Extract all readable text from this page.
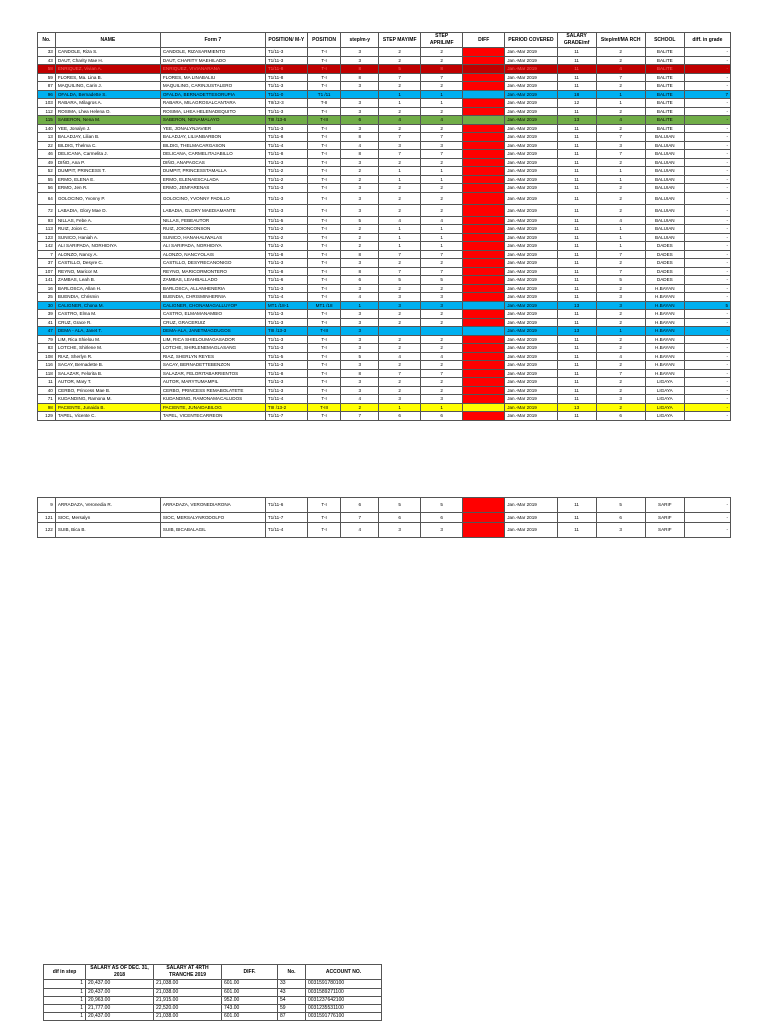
No.	NAME	Form 7	POSITION/ M-Y	POSITION	step/m-y	STEP MAY/MF	STEP APRIL/MF	DIFF	PERIOD COVERED	SALARY GRADE/mf	Step/mf/MA RCH	SCHOOL	diff. in grade
33	CANDOLE, Riza S.	CANDOLE, RIZASARMIENTO	T1/11-3	T-I	3	2	2		Jan.-Mar 2019	11	2	BALITE	-
43	DAUT, Charity Mae H.	DAUT, CHARITY MAEHILADO	T1/11-3	T-I	3	2	2		Jan.-Mar 2019	11	2	BALITE	-
58	ENRIQUEZ, Vivian A.	ENRIQUEZ, VIVIANARANA	T1/11-8	T-I	8	5	8		Jan.-Mar 2019	11	4	BALITE	-
59	FLORES, Ma. Lina B.	FLORES, MA LINABALIU	T1/11-8	T-I	8	7	7		Jan.-Mar 2019	11	7	BALITE	-
87	MAQUILING, Carin J.	MAQUILING, CARINJUSTALERO	T1/11-3	T-I	3	2	2		Jan.-Mar 2019	11	2	BALITE	-
96	OFALDA, Bernadette S.	OFALDA, BERNADETTESORUPIA	T1/11-0	T1 /11		1	1		Jan.-Mar 2019	18	1	BALITE	7
103	RABARA, Milagros A.	RABARA, MILAGROSALCANTARA	TII/12-3	T-II	3	1	1		Jan.-Mar 2019	12	1	BALITE	-
112	ROSIMA, Lhea Helena O.	ROSIMA, LHEA HELENADEQUITO	T1/11-3	T-I	3	2	2		Jan.-Mar 2019	11	2	BALITE	-
115	SABERON, Nena M.	SABERON, NENAMALAYO	TIII /13-6	T-III	6	4	4		Jan.-Mar 2019	13	4	BALITE	-
140	YEE, Jonalyn J.	YEE, JONALYNJAVIER	T1/11-3	T-I	3	2	2		Jan.-Mar 2019	11	2	BALITE	-
13	BALADJAY, Lilian B.	BALADJAY, LILIANBARBON	T1/11-8	T-I	8	7	7		Jan.-Mar 2019	11	7	BALUIAN	-
22	BILDIG, Thelma C.	BILDIG, THELMACARGASON	T1/11-4	T-I	4	3	3		Jan.-Mar 2019	11	3	BALUIAN	-
46	DELICANA, Carmelita J.	DELICANA, CARMELITAJABILLO	T1/11-8	T-I	8	7	7		Jan.-Mar 2019	11	7	BALUIAN	-
49	DIÑO, Ana P.	DIÑO, ANAPAGCAS	T1/11-3	T-I	3	2	2		Jan.-Mar 2019	11	2	BALUIAN	-
52	DUMPIT, PRINCESS T.	DUMPIT, PRINCESSTAMALLA	T1/11-2	T-I	2	1	1		Jan.-Mar 2019	11	1	BALUIAN	-
55	ERMO, ELENA E.	ERMO, ELENAESCALADA	T1/11-2	T-I	2	1	1		Jan.-Mar 2019	11	1	BALUIAN	-
56	ERMO, Jen R.	ERMO, JENFARENAS	T1/11-3	T-I	3	2	2		Jan.-Mar 2019	11	2	BALUIAN	-
64	GOLOCINO, Yvonny P.	GOLOCINO, YVONNY PADILLO	T1/11-3	T-I	3	2	2		Jan.-Mar 2019	11	2	BALUIAN	-
72	LABADIA, Glory Mae D.	LABADIA, GLORY MAEDIAMANTE	T1/11-3	T-I	3	2	2		Jan.-Mar 2019	11	2	BALUIAN	-
93	NILLAS, Febe A.	NILLAS, FEBEAUTOR	T1/11-5	T-I	5	4	4		Jan.-Mar 2019	11	4	BALUIAN	-
113	RUIZ, Joion C.	RUIZ, JOIONCONSON	T1/11-2	T-I	2	1	1		Jan.-Mar 2019	11	1	BALUIAN	-
123	SUNICO, Haniah A.	SUNICO, HANAHALIWALAS	T1/11-2	T-I	2	1	1		Jan.-Mar 2019	11	1	BALUIAN	-
142	ALI SARIPADA, NORHIDIYA	ALI SARIPADA, NORHIDIYA	T1/11-2	T-I	2	1	1		Jan.-Mar 2019	11	1	DADES	-
7	ALONZO, Nancy A.	ALONZO, NANCYOLAIS	T1/11-8	T-I	8	7	7		Jan.-Mar 2019	11	7	DADES	-
37	CASTILLO, Desyre C.	CASTILLO, DESYRECANONIGO	T1/11-3	T-I	3	2	2		Jan.-Mar 2019	11	2	DADES	-
107	REYNO, Maricor M.	REYNO, MARICORMONTERO	T1/11-8	T-I	8	7	7		Jan.-Mar 2019	11	7	DADES	-
141	ZAMBAS, Leah B.	ZAMBAS, LEAHBALLADO	T1/11-6	T-I	6	5	5		Jan.-Mar 2019	11	5	DADES	-
16	BARLOSCA, Allan H.	BARLOSCA, ALLANHENERIA	T1/11-3	T-I	3	2	2		Jan.-Mar 2019	11	2	H.BAYAN	-
25	BUENDIA, Chrismin	BUENDIA, CHRISMINHERNIA	T1/11-4	T-I	4	3	3		Jan.-Mar 2019	11	3	H.BAYAN	-
30	CALIGNER, Chona M.	CALIGNER, CHONAMAGALLUYOP	MT1 /18-1	MT1 /18	1	3	3		Jan.-Mar 2019	13	3	H.BAYAN	5
39	CASTRO, Elma M.	CASTRO, ELMAMANAMBIO	T1/11-3	T-I	3	2	2		Jan.-Mar 2019	11	2	H.BAYAN	-
41	CRUZ, Grace R.	CRUZ, GRACERUIZ	T1/11-3	T-I	3	2	2		Jan.-Mar 2019	11	2	H.BAYAN	-
47	DEMA - ALA, Janet T.	DEMA-ALA, JANETMAGDUGOS	TIII /13-3	T-III	3				Jan.-Mar 2019	13	1	H.BAYAN	-
79	LIM, Rica Shielou M.	LIM, RICA SHIELOUMAGASADOR	T1/11-3	T-I	3	2	2		Jan.-Mar 2019	11	2	H.BAYAN	-
83	LOTCHE, Shirlene M.	LOTCHE, SHIRLENEMAGLASANG	T1/11-3	T-I	3	2	2		Jan.-Mar 2019	11	2	H.BAYAN	-
108	RIAZ, Sherlyn R.	RIAZ, SHERLYN REYES	T1/11-5	T-I	5	4	4		Jan.-Mar 2019	11	4	H.BAYAN	-
116	SACAY, Bernadette B.	SACAY, BERNADETTEBENZON	T1/11-3	T-I	3	2	2		Jan.-Mar 2019	11	2	H.BAYAN	-
118	SALAZAR, Felorita B.	SALAZAR, FELORITABARRIENTOS	T1/11-8	T-I	8	7	7		Jan.-Mar 2019	11	7	H.BAYAN	-
11	AUTOR, Mary T.	AUTOR, MARYTUMAMPIL	T1/11-3	T-I	3	2	2		Jan.-Mar 2019	11	2	LIGAYA	-
40	CERBO, Princess Mae B.	CERBO, PRINCESS REMABOLATETE	T1/11-3	T-I	3	2	2		Jan.-Mar 2019	11	2	LIGAYA	-
71	KUDANDING, Ramona M.	KUDANDING, RAMONAMACALUDOS	T1/11-4	T-I	4	3	3		Jan.-Mar 2019	11	3	LIGAYA	-
98	PACIENTE, Junaida B.	PACIENTE, JUNAIDABILOG	TIII /13-2	T-III	2	1	1		Jan.-Mar 2019	13	2	LIGAYA	-
129	TAPEL, Vicente C.	TAPEL, VICENTECARREON	T1/11-7	T-I	7	6	6		Jan.-Mar 2019	11	6	LIGAYA	-
9	ARRADAZA, Veronedia R.	ARRADAZA, VERONEDIARONA	T1/11-6	T-I	6	5	5		Jan.-Mar 2019	11	5	SARIF	-
121	SIOC, Mersalyn	SIOC, MERSALYNRODOLFO	T1/11-7	T-I	7	6	6		Jan.-Mar 2019	11	6	SARIF	-
122	SUIB, Bica B.	SUIB, BICABALAGIL	T1/11-4	T-I	4	3	3		Jan.-Mar 2019	11	3	SARIF	-
dif in step	SALARY AS OF DEC. 31, 2018	SALARY AT 4RTH TRANCHE 2019	DIFF.	No.	ACCOUNT NO.
1	20,437.00	21,038.00	601.00	33	0031591780100
1	20,437.00	21,038.00	601.00	43	0031589271100
1	20,963.00	21,915.00	952.00	54	0031237642100
1	21,777.00	22,520.00	743.00	59	0031235531100
1	20,437.00	21,038.00	601.00	87	0031591776100
